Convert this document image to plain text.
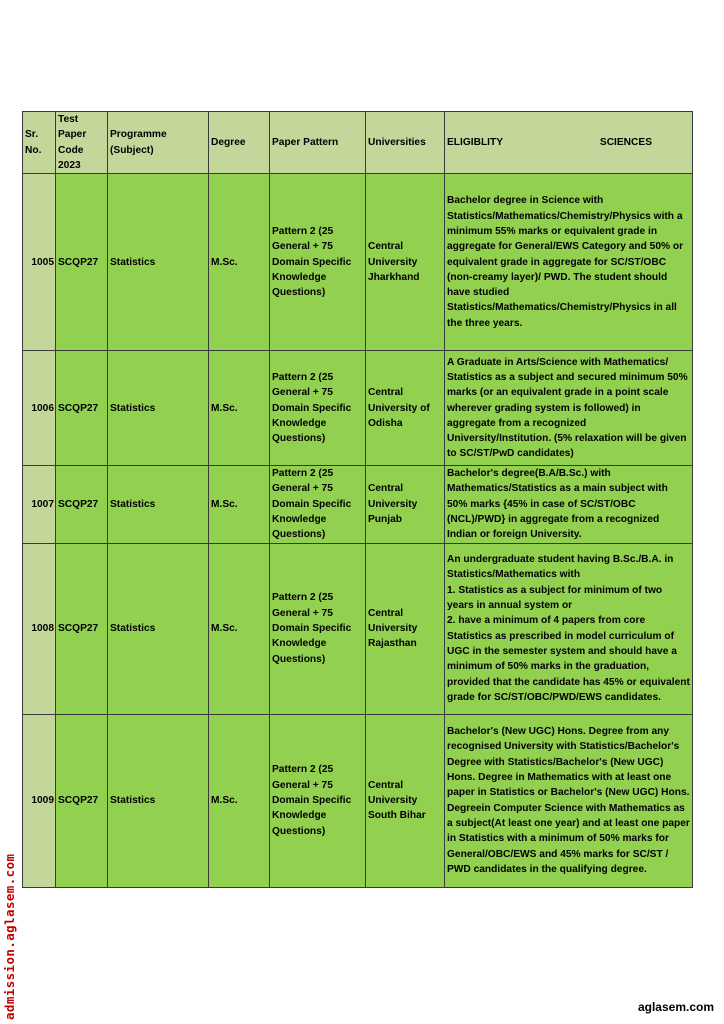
Sr. No.	Test Paper Code 2023	Programme (Subject)	Degree	Paper Pattern	Universities	ELIGIBLITY SCIENCES

1005	SCQP27	Statistics	M.Sc.	Pattern 2 (25 General + 75 Domain Specific Knowledge Questions)	Central University Jharkhand	Bachelor degree in Science with Statistics/Mathematics/Chemistry/Physics with a minimum 55% marks or equivalent grade in aggregate for General/EWS Category and 50% or equivalent grade in aggregate for SC/ST/OBC (non-creamy layer)/ PWD. The student should have studied Statistics/Mathematics/Chemistry/Physics in all the three years.
1006	SCQP27	Statistics	M.Sc.	Pattern 2 (25 General + 75 Domain Specific Knowledge Questions)	Central University of Odisha	A Graduate in Arts/Science with Mathematics/ Statistics as a subject and secured minimum 50% marks (or an equivalent grade in a point scale wherever grading system is followed) in aggregate from a recognized University/Institution. (5% relaxation will be given to SC/ST/PwD candidates)
1007	SCQP27	Statistics	M.Sc.	Pattern 2 (25 General + 75 Domain Specific Knowledge Questions)	Central University Punjab	Bachelor's degree(B.A/B.Sc.) with Mathematics/Statistics as a main subject with 50% marks {45% in case of SC/ST/OBC (NCL)/PWD} in aggregate from a recognized Indian or foreign University.
1008	SCQP27	Statistics	M.Sc.	Pattern 2 (25 General + 75 Domain Specific Knowledge Questions)	Central University Rajasthan	An undergraduate student having B.Sc./B.A. in Statistics/Mathematics with
1. Statistics as a subject for minimum of two years in annual system or
2. have a minimum of 4 papers from core Statistics as prescribed in model curriculum of UGC in the semester system and should have a minimum of 50% marks in the graduation, provided that the candidate has 45% or equivalent grade for SC/ST/OBC/PWD/EWS candidates.
1009	SCQP27	Statistics	M.Sc.	Pattern 2 (25 General + 75 Domain Specific Knowledge Questions)	Central University South Bihar	Bachelor's (New UGC) Hons. Degree from any recognised University with Statistics/Bachelor's Degree with Statistics/Bachelor's (New UGC) Hons. Degree in Mathematics with at least one paper in Statistics or Bachelor's (New UGC) Hons. Degreein Computer Science with Mathematics as a subject(At least one year) and at least one paper in Statistics with a minimum of 50% marks for General/OBC/EWS and 45% marks for SC/ST / PWD candidates in the qualifying degree.
admission.aglasem.com	aglasem.com
